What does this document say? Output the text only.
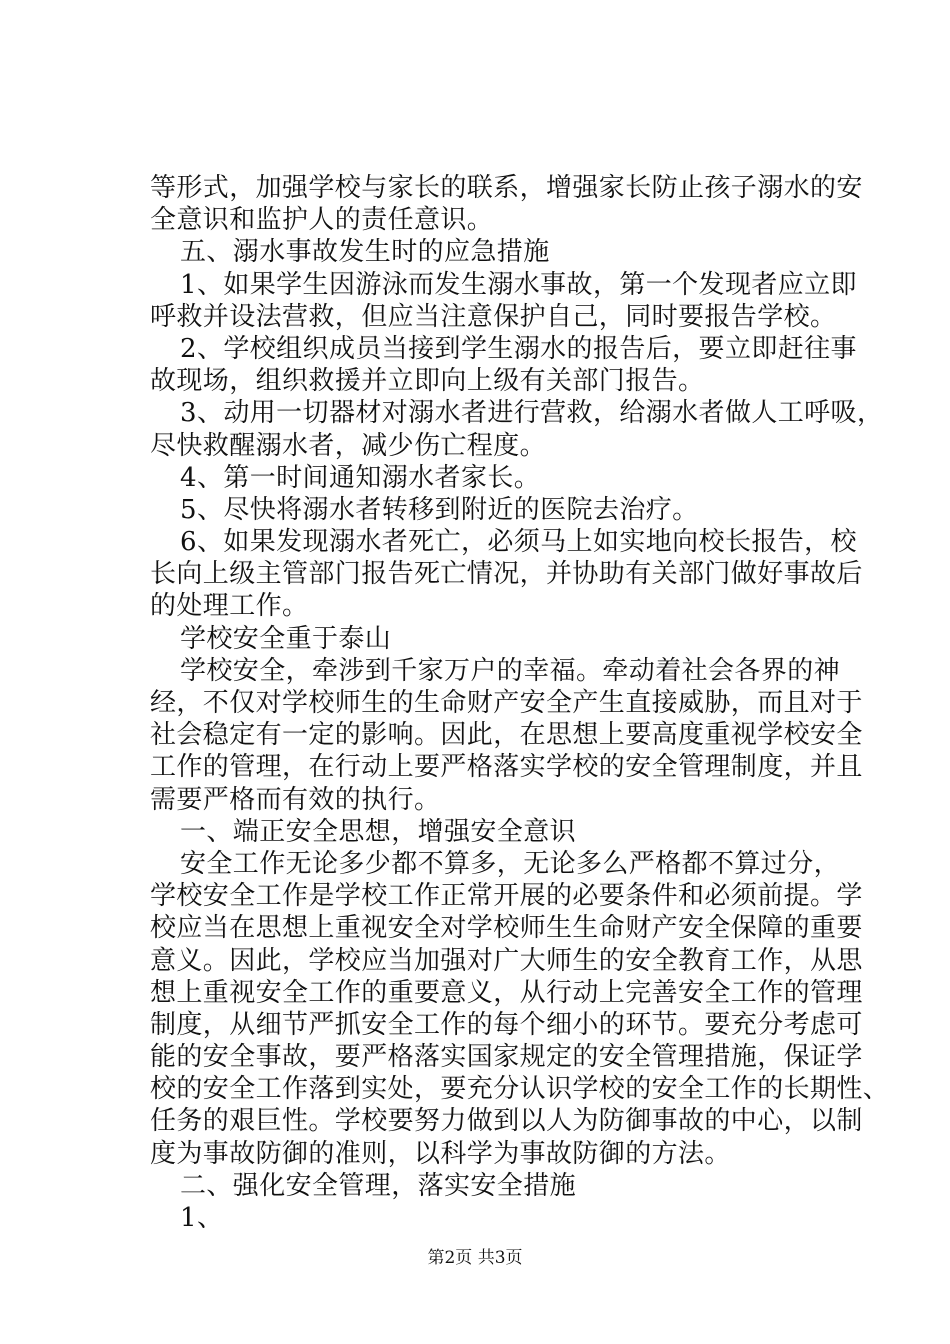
等形式，加强学校与家长的联系，增强家长防止孩子溺水的安
全意识和监护人的责任意识。
五、溺水事故发生时的应急措施
1、如果学生因游泳而发生溺水事故，第一个发现者应立即
呼救并设法营救，但应当注意保护自己，同时要报告学校。
2、学校组织成员当接到学生溺水的报告后，要立即赶往事
故现场，组织救援并立即向上级有关部门报告。
3、动用一切器材对溺水者进行营救，给溺水者做人工呼吸，
尽快救醒溺水者，减少伤亡程度。
4、第一时间通知溺水者家长。
5、尽快将溺水者转移到附近的医院去治疗。
6、如果发现溺水者死亡，必须马上如实地向校长报告，校
长向上级主管部门报告死亡情况，并协助有关部门做好事故后
的处理工作。
学校安全重于泰山
学校安全，牵涉到千家万户的幸福。牵动着社会各界的神
经，不仅对学校师生的生命财产安全产生直接威胁，而且对于
社会稳定有一定的影响。因此，在思想上要高度重视学校安全
工作的管理，在行动上要严格落实学校的安全管理制度，并且
需要严格而有效的执行。
一、端正安全思想，增强安全意识
安全工作无论多少都不算多，无论多么严格都不算过分，
学校安全工作是学校工作正常开展的必要条件和必须前提。学
校应当在思想上重视安全对学校师生生命财产安全保障的重要
意义。因此，学校应当加强对广大师生的安全教育工作，从思
想上重视安全工作的重要意义，从行动上完善安全工作的管理
制度，从细节严抓安全工作的每个细小的环节。要充分考虑可
能的安全事故，要严格落实国家规定的安全管理措施，保证学
校的安全工作落到实处，要充分认识学校的安全工作的长期性、
任务的艰巨性。学校要努力做到以人为防御事故的中心，以制
度为事故防御的准则，以科学为事故防御的方法。
二、强化安全管理，落实安全措施
1、
第2页 共3页
